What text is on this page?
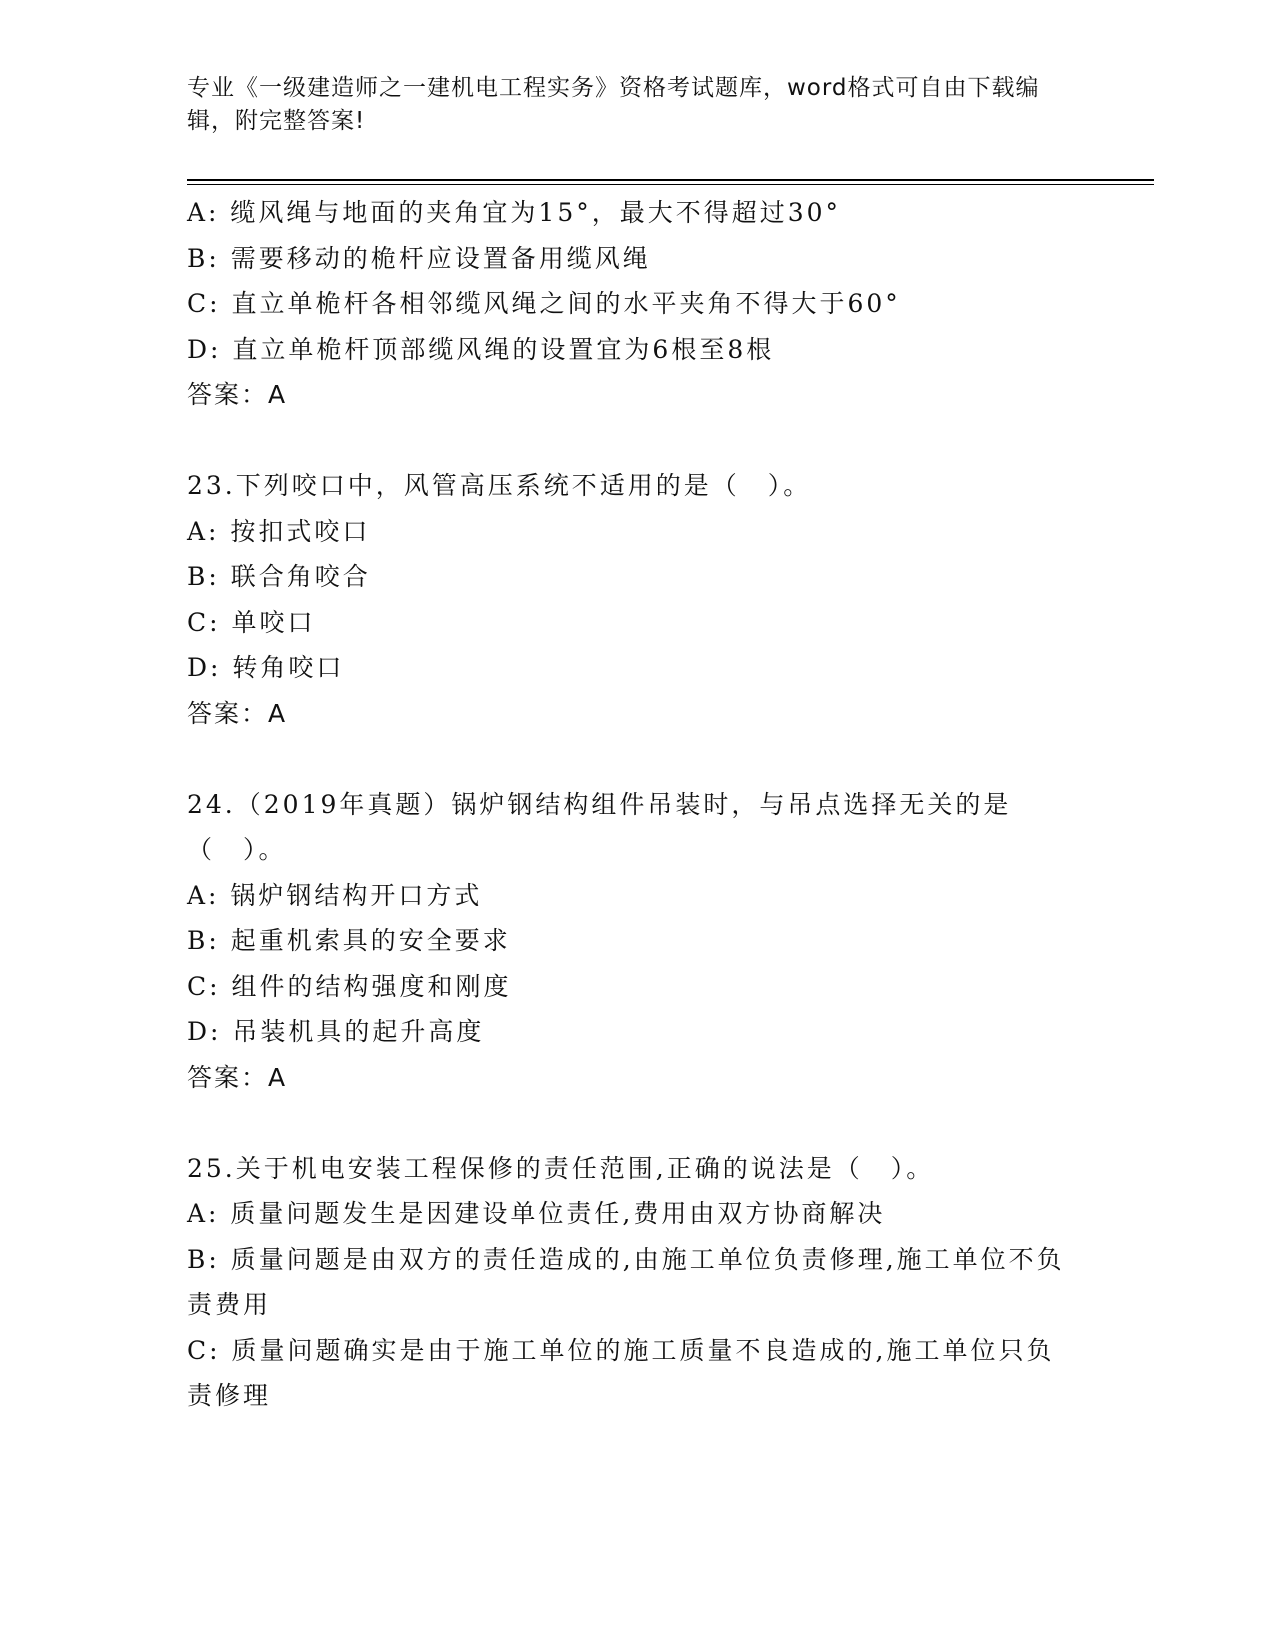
专业《一级建造师之一建机电工程实务》资格考试题库，word格式可自由下载编辑，附完整答案!
A: 缆风绳与地面的夹角宜为15°，最大不得超过30°
B: 需要移动的桅杆应设置备用缆风绳
C: 直立单桅杆各相邻缆风绳之间的水平夹角不得大于60°
D: 直立单桅杆顶部缆风绳的设置宜为6根至8根
答案：A
23.下列咬口中，风管高压系统不适用的是（　）。
A: 按扣式咬口
B: 联合角咬合
C: 单咬口
D: 转角咬口
答案：A
24.（2019年真题）锅炉钢结构组件吊装时，与吊点选择无关的是（　）。
A: 锅炉钢结构开口方式
B: 起重机索具的安全要求
C: 组件的结构强度和刚度
D: 吊装机具的起升高度
答案：A
25.关于机电安装工程保修的责任范围,正确的说法是（　）。
A: 质量问题发生是因建设单位责任,费用由双方协商解决
B: 质量问题是由双方的责任造成的,由施工单位负责修理,施工单位不负责费用
C: 质量问题确实是由于施工单位的施工质量不良造成的,施工单位只负责修理
